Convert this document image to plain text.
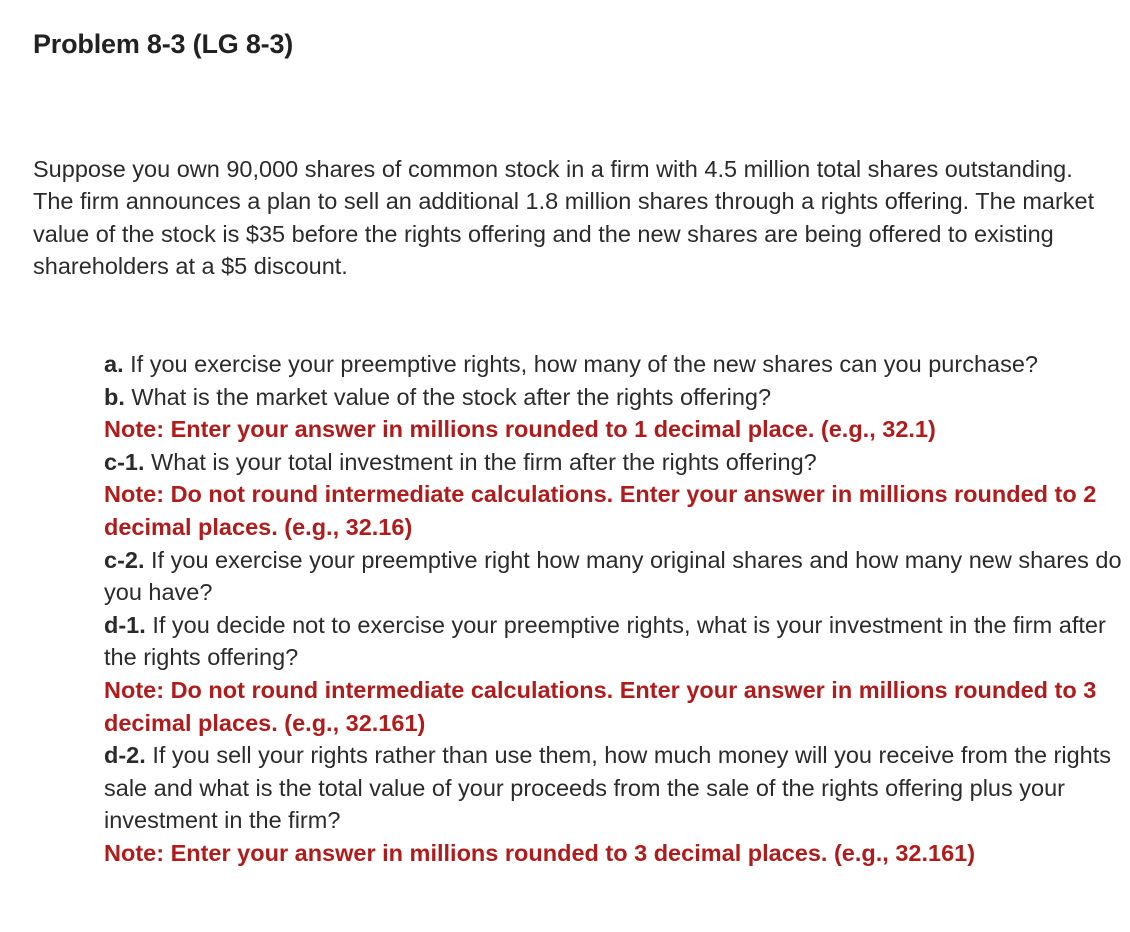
Problem 8-3 (LG 8-3)

Suppose you own 90,000 shares of common stock in a firm with 4.5 million total shares outstanding. The firm announces a plan to sell an additional 1.8 million shares through a rights offering. The market value of the stock is $35 before the rights offering and the new shares are being offered to existing shareholders at a $5 discount.

a. If you exercise your preemptive rights, how many of the new shares can you purchase?

b. What is the market value of the stock after the rights offering?

Note: Enter your answer in millions rounded to 1 decimal place. (e.g., 32.1)

c-1. What is your total investment in the firm after the rights offering?

Note: Do not round intermediate calculations. Enter your answer in millions rounded to 2 decimal places. (e.g., 32.16)

c-2. If you exercise your preemptive right how many original shares and how many new shares do you have?

d-1. If you decide not to exercise your preemptive rights, what is your investment in the firm after the rights offering?

Note: Do not round intermediate calculations. Enter your answer in millions rounded to 3 decimal places. (e.g., 32.161)

d-2. If you sell your rights rather than use them, how much money will you receive from the rights sale and what is the total value of your proceeds from the sale of the rights offering plus your investment in the firm?

Note: Enter your answer in millions rounded to 3 decimal places. (e.g., 32.161)
